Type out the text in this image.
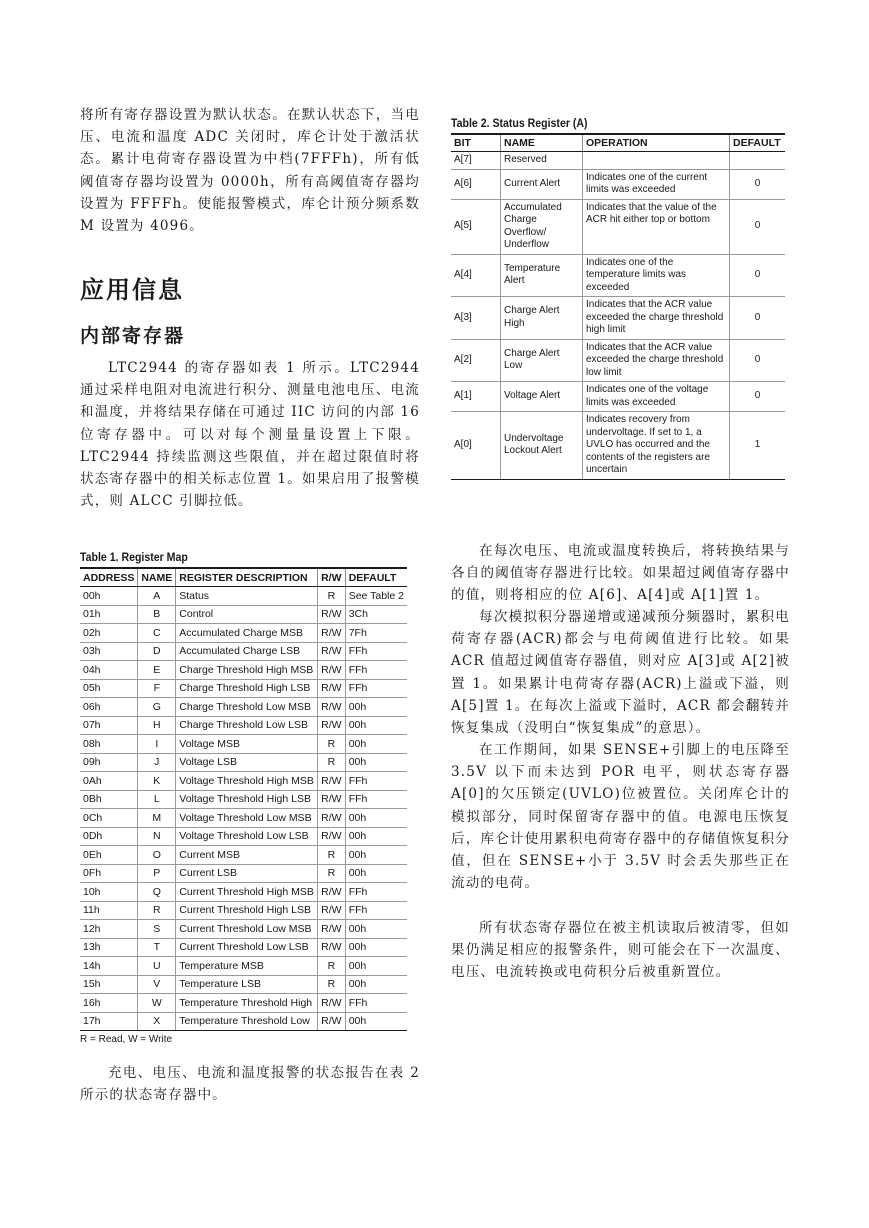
将所有寄存器设置为默认状态。在默认状态下，当电压、电流和温度 ADC 关闭时，库仑计处于激活状态。累计电荷寄存器设置为中档(7FFFh)，所有低阈值寄存器均设置为 0000h，所有高阈值寄存器均设置为 FFFFh。使能报警模式，库仑计预分频系数 M 设置为 4096。

应用信息
内部寄存器

LTC2944 的寄存器如表 1 所示。LTC2944 通过采样电阻对电流进行积分、测量电池电压、电流和温度，并将结果存储在可通过 IIC 访问的内部 16 位寄存器中。可以对每个测量量设置上下限。LTC2944 持续监测这些限值，并在超过限值时将状态寄存器中的相关标志位置 1。如果启用了报警模式，则 ALCC 引脚拉低。

Table 1. Register Map

ADDRESS	NAME	REGISTER DESCRIPTION	R/W	DEFAULT
00h	A	Status	R	See Table 2
01h	B	Control	R/W	3Ch
02h	C	Accumulated Charge MSB	R/W	7Fh
03h	D	Accumulated Charge LSB	R/W	FFh
04h	E	Charge Threshold High MSB	R/W	FFh
05h	F	Charge Threshold High LSB	R/W	FFh
06h	G	Charge Threshold Low MSB	R/W	00h
07h	H	Charge Threshold Low LSB	R/W	00h
08h	I	Voltage MSB	R	00h
09h	J	Voltage LSB	R	00h
0Ah	K	Voltage Threshold High MSB	R/W	FFh
0Bh	L	Voltage Threshold High LSB	R/W	FFh
0Ch	M	Voltage Threshold Low MSB	R/W	00h
0Dh	N	Voltage Threshold Low LSB	R/W	00h
0Eh	O	Current MSB	R	00h
0Fh	P	Current LSB	R	00h
10h	Q	Current Threshold High MSB	R/W	FFh
11h	R	Current Threshold High LSB	R/W	FFh
12h	S	Current Threshold Low MSB	R/W	00h
13h	T	Current Threshold Low LSB	R/W	00h
14h	U	Temperature MSB	R	00h
15h	V	Temperature LSB	R	00h
16h	W	Temperature Threshold High	R/W	FFh
17h	X	Temperature Threshold Low	R/W	00h

R = Read, W = Write

充电、电压、电流和温度报警的状态报告在表 2 所示的状态寄存器中。

Table 2. Status Register (A)

BIT	NAME	OPERATION	DEFAULT
A[7]	Reserved		
A[6]	Current Alert	Indicates one of the current limits was exceeded	0
A[5]	Accumulated Charge Overflow/ Underflow	Indicates that the value of the ACR hit either top or bottom	0
A[4]	Temperature Alert	Indicates one of the temperature limits was exceeded	0
A[3]	Charge Alert High	Indicates that the ACR value exceeded the charge threshold high limit	0
A[2]	Charge Alert Low	Indicates that the ACR value exceeded the charge threshold low limit	0
A[1]	Voltage Alert	Indicates one of the voltage limits was exceeded	0
A[0]	Undervoltage Lockout Alert	Indicates recovery from undervoltage. If set to 1, a UVLO has occurred and the contents of the registers are uncertain	1

在每次电压、电流或温度转换后，将转换结果与各自的阈值寄存器进行比较。如果超过阈值寄存器中的值，则将相应的位 A[6]、A[4]或 A[1]置 1。

每次模拟积分器递增或递减预分频器时，累积电荷寄存器(ACR)都会与电荷阈值进行比较。如果 ACR 值超过阈值寄存器值，则对应 A[3]或 A[2]被置 1。如果累计电荷寄存器(ACR)上溢或下溢，则 A[5]置 1。在每次上溢或下溢时，ACR 都会翻转并恢复集成（没明白“恢复集成”的意思）。

在工作期间，如果 SENSE+引脚上的电压降至 3.5V 以下而未达到 POR 电平，则状态寄存器 A[0]的欠压锁定(UVLO)位被置位。关闭库仑计的模拟部分，同时保留寄存器中的值。电源电压恢复后，库仑计使用累积电荷寄存器中的存储值恢复积分值，但在 SENSE+小于 3.5V 时会丢失那些正在流动的电荷。

所有状态寄存器位在被主机读取后被清零，但如果仍满足相应的报警条件，则可能会在下一次温度、电压、电流转换或电荷积分后被重新置位。
